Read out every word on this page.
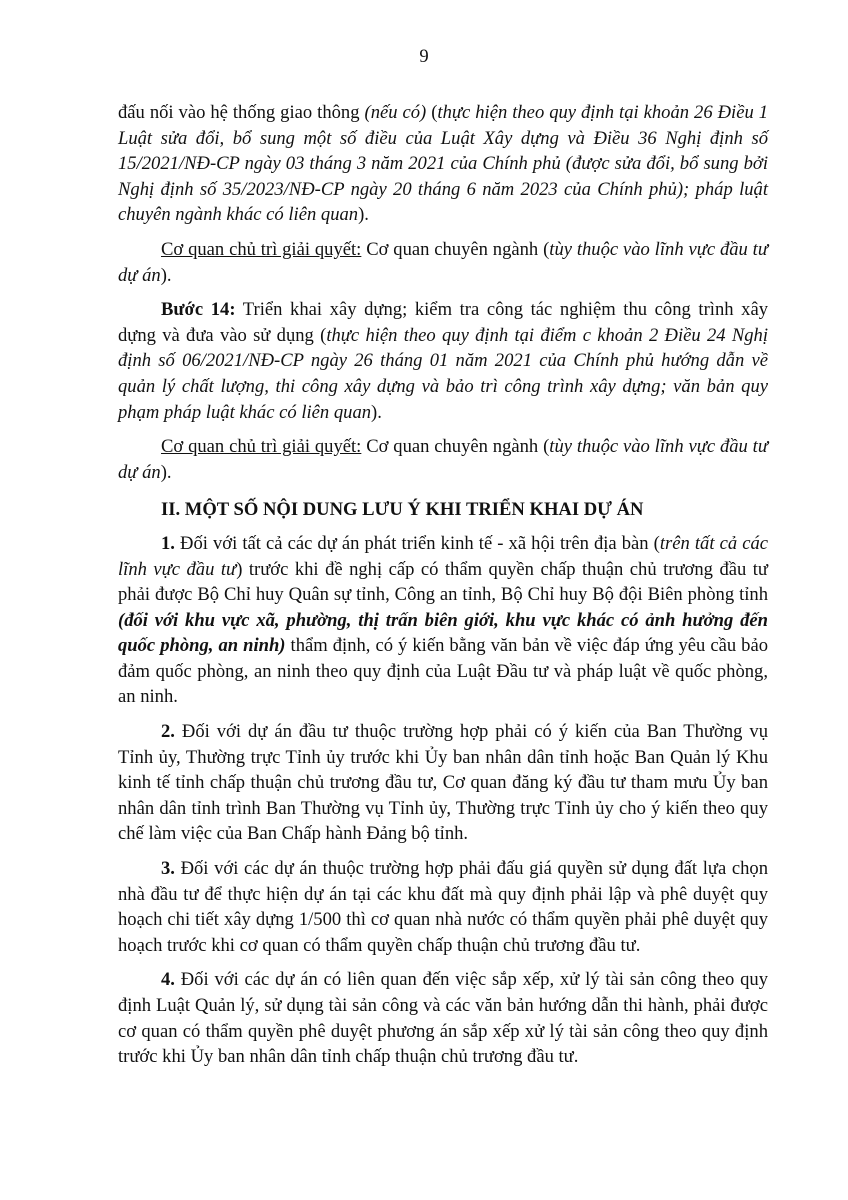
9

đấu nối vào hệ thống giao thông (nếu có) (thực hiện theo quy định tại khoản 26 Điều 1 Luật sửa đổi, bổ sung một số điều của Luật Xây dựng và Điều 36 Nghị định số 15/2021/NĐ-CP ngày 03 tháng 3 năm 2021 của Chính phủ (được sửa đổi, bổ sung bởi Nghị định số 35/2023/NĐ-CP ngày 20 tháng 6 năm 2023 của Chính phủ); pháp luật chuyên ngành khác có liên quan).

Cơ quan chủ trì giải quyết: Cơ quan chuyên ngành (tùy thuộc vào lĩnh vực đầu tư dự án).

Bước 14: Triển khai xây dựng; kiểm tra công tác nghiệm thu công trình xây dựng và đưa vào sử dụng (thực hiện theo quy định tại điểm c khoản 2 Điều 24 Nghị định số 06/2021/NĐ-CP ngày 26 tháng 01 năm 2021 của Chính phủ hướng dẫn về quản lý chất lượng, thi công xây dựng và bảo trì công trình xây dựng; văn bản quy phạm pháp luật khác có liên quan).

Cơ quan chủ trì giải quyết: Cơ quan chuyên ngành (tùy thuộc vào lĩnh vực đầu tư dự án).

II. MỘT SỐ NỘI DUNG LƯU Ý KHI TRIỂN KHAI DỰ ÁN

1. Đối với tất cả các dự án phát triển kinh tế - xã hội trên địa bàn (trên tất cả các lĩnh vực đầu tư) trước khi đề nghị cấp có thẩm quyền chấp thuận chủ trương đầu tư phải được Bộ Chỉ huy Quân sự tỉnh, Công an tỉnh, Bộ Chỉ huy Bộ đội Biên phòng tỉnh (đối với khu vực xã, phường, thị trấn biên giới, khu vực khác có ảnh hưởng đến quốc phòng, an ninh) thẩm định, có ý kiến bằng văn bản về việc đáp ứng yêu cầu bảo đảm quốc phòng, an ninh theo quy định của Luật Đầu tư và pháp luật về quốc phòng, an ninh.

2. Đối với dự án đầu tư thuộc trường hợp phải có ý kiến của Ban Thường vụ Tỉnh ủy, Thường trực Tỉnh ủy trước khi Ủy ban nhân dân tỉnh hoặc Ban Quản lý Khu kinh tế tỉnh chấp thuận chủ trương đầu tư, Cơ quan đăng ký đầu tư tham mưu Ủy ban nhân dân tỉnh trình Ban Thường vụ Tỉnh ủy, Thường trực Tỉnh ủy cho ý kiến theo quy chế làm việc của Ban Chấp hành Đảng bộ tỉnh.

3. Đối với các dự án thuộc trường hợp phải đấu giá quyền sử dụng đất lựa chọn nhà đầu tư để thực hiện dự án tại các khu đất mà quy định phải lập và phê duyệt quy hoạch chi tiết xây dựng 1/500 thì cơ quan nhà nước có thẩm quyền phải phê duyệt quy hoạch trước khi cơ quan có thẩm quyền chấp thuận chủ trương đầu tư.

4. Đối với các dự án có liên quan đến việc sắp xếp, xử lý tài sản công theo quy định Luật Quản lý, sử dụng tài sản công và các văn bản hướng dẫn thi hành, phải được cơ quan có thẩm quyền phê duyệt phương án sắp xếp xử lý tài sản công theo quy định trước khi Ủy ban nhân dân tỉnh chấp thuận chủ trương đầu tư.
